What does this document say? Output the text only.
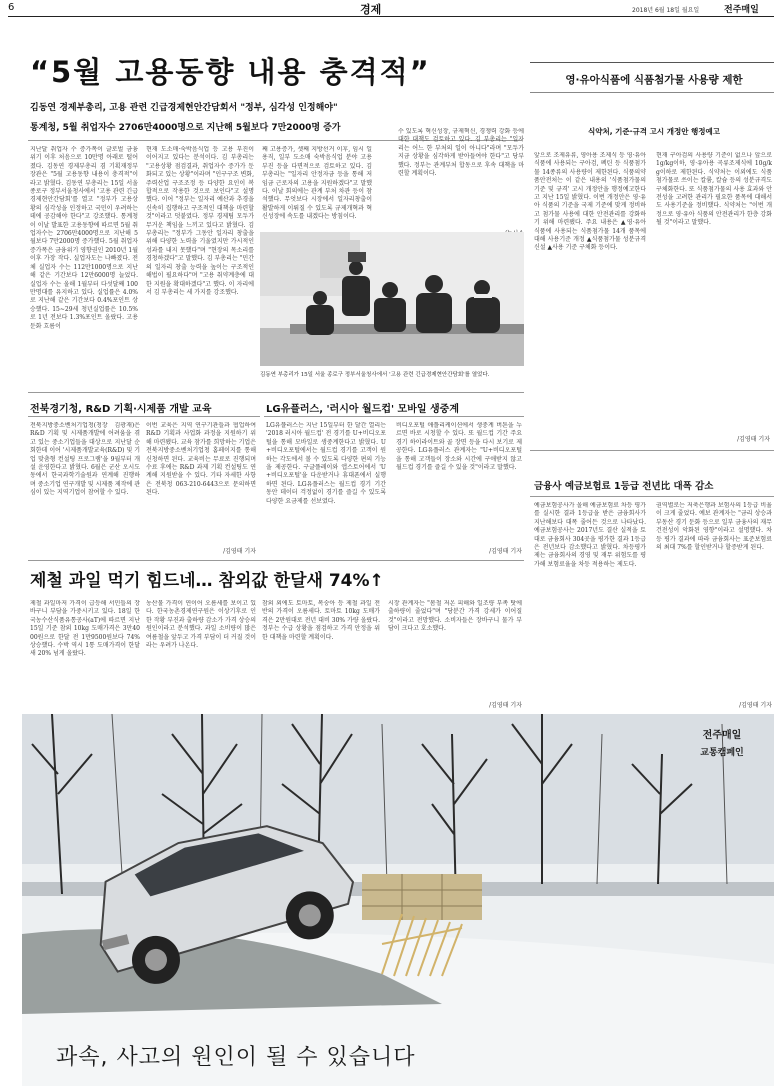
6	경제	2018년 6월 18일 월요일	전주매일
“5월 고용동향 내용 충격적”
김동연 경제부총리, 고용 관련 긴급경제현안간담회서 "정부, 심각성 인정해야"
통계청, 5월 취업자수 2706만4000명으로 지난해 5월보다 7만2000명 증가
지난달 취업자 수 증가폭이 글로벌 금융위기 이후 처음으로 10만명 아래로 떨어졌다. 김동연 경제부총리 겸 기획재정부 장관은 "5월 고용동향 내용이 충격적"이라고 밝혔다. 김동연 부총리는 15일 서울 종로구 정부서울청사에서 '고용 관련 긴급경제현안간담회'를 열고 "정부가 고용상황의 심각성을 인정하고 국민이 우려하는 데에 공감해야 한다"고 강조했다. 통계청이 이날 발표한 고용동향에 따르면 5월 취업자수는 2706만4000명으로 지난해 5월보다 7만2000명 증가했다. 5월 취업자 증가폭은 금융위기 영향권인 2010년 1월 이후 가장 작다. 실업자도는 나빠졌다. 전체 실업자 수는 112만1000명으로 지난해 같은 기간보다 12만6000명 늘었다. 실업자 수는 올해 1월부터 다섯달째 100만명대를 유지하고 있다. 실업률은 4.0%로 지난해 같은 기간보다 0.4%포인트 상승했다. 15~29세 청년실업률은 10.5%로 1년 전보다 1.3%포인트 올랐다. 고용 둔화 흐름이
현재 도소매·숙박음식업 등 고용 부진이 이어지고 있다는 분석이다. 김 부총리는 "고용상황 점검결과, 취업자수 증가가 둔화되고 있는 상황"이라며 "인구구조 변화, 주력산업 구조조정 등 다양한 요인이 복합적으로 작용한 것으로 보인다"고 설명했다. 이어 "정부는 일자리 예산과 추경을 신속히 집행하고 구조적인 대책을 마련할 것"이라고 덧붙였다. 정부 경제팀 모두가 무거운 책임을 느끼고 있다고 밝혔다. 김 부총리는 "정부가 그동안 일자리 창출을 위해 다양한 노력을 기울였지만 가시적인 성과를 내지 못했다"며 "현장의 목소리를 경청하겠다"고 말했다. 김 부총리는 "민간의 일자리 창출 능력을 높이는 구조적인 해법이 필요하다"며 "고용 취약계층에 대한 지원을 확대하겠다"고 했다. 이 자리에서 김 부총리는 세 가지를 강조했다.
째 고용증가, 셋째 지방선거 이후, 임시 일용직, 일부 도소매 숙박음식업 분야 고용 부진 등을 다면적으로 검토하고 있다. 김 부총리는 "일자리 안정자금 등을 통해 저임금 근로자의 고용을 지원하겠다"고 말했다. 이날 회의에는 관계 부처 차관 등이 참석했다. 무엇보다 시장에서 일자리창출이 활발하게 이뤄질 수 있도록 규제개혁과 혁신성장에 속도를 내겠다는 방침이다.
수 있도록 혁신성장, 규제혁신, 경쟁력 강화 등에 대한 대책도 검토하고 있다. 김 부총리는 "일자리는 어느 한 부처의 일이 아니다"라며 "모두가 지금 상황을 심각하게 받아들여야 한다"고 당부했다. 정부는 관계부처 합동으로 후속 대책을 마련할 계획이다.
김동연 부총리가 15일 서울 종로구 정부서울청사에서 '고용 관련 긴급경제현안간담회'를 열었다.
영·유아식품에 식품첨가물 사용량 제한
식약처, 기준·규격 고시 개정안 행정예고
앞으로 조제유류, 영아용 조제식 등 영·유아 식품에 사용되는 구아검, 펙틴 등 식품첨가물 14종류의 사용량이 제한된다. 식품의약품안전처는 이 같은 내용의 '식품첨가물의 기준 및 규격' 고시 개정안을 행정예고한다고 지난 15일 밝혔다. 이번 개정안은 영·유아 식품의 기준을 국제 기준에 맞게 정비하고 첨가물 사용에 대한 안전관리를 강화하기 위해 마련됐다. 주요 내용은 ▲영·유아 식품에 사용되는 식품첨가물 14개 품목에 대해 사용기준 개정 ▲식품첨가물 성분규격 신설 ▲사용 기준 구체화 등이다.
현재 구아검의 사용량 기준이 없으나 앞으로 1g/kg이하, 영·유아용 곡류조제식에 10g/kg이하로 제한된다. 식약처는 이외에도 식품첨가물로 쓰이는 칼륨, 칼슘 등의 성분규격도 구체화한다. 또 식품첨가물의 사용 효과와 안전성을 고려한 관리가 필요한 품목에 대해서도 사용기준을 정비했다. 식약처는 "이번 개정으로 영·유아 식품의 안전관리가 한층 강화될 것"이라고 말했다.
/김영태 기자
전북경기청, R&D 기획·시제품 개발 교육
전북지방중소벤처기업청(청장 김광재)은 R&D 기획 및 시제품개발에 어려움을 겪고 있는 중소기업들을 대상으로 지난달 순회한데 이어 '시제품개발교육(R&D) 및 기업 맞춤형 컨설팅 프로그램'을 9월부터 개설 운영한다고 밝혔다. 6월은 군산 오시도동에서 한국과학기술원과 연계해 진행하며 중소기업 연구개발 및 시제품 제작에 관심이 있는 지역기업이 참여할 수 있다.
이번 교육은 지역 연구기관들과 협업하여 R&D 기획과 사업화 과정을 지원하기 위해 마련됐다. 교육 참가를 희망하는 기업은 전북지방중소벤처기업청 홈페이지를 통해 신청하면 된다. 교육비는 무료로 진행되며 수료 후에는 R&D 과제 기획 컨설팅도 연계해 지원받을 수 있다. 기타 자세한 사항은 전북청 063-210-6443으로 문의하면 된다.
/김영태 기자
LG유플러스, '러시아 월드컵' 모바일 생중계
LG유플러스는 지난 15일부터 한 달간 열리는 '2018 러시아 월드컵' 전 경기를 U+비디오포털을 통해 모바일로 생중계한다고 밝혔다. U+비디오포털에서는 월드컵 경기를 고객이 원하는 각도에서 볼 수 있도록 다양한 편의 기능을 제공한다. 구글플레이와 앱스토어에서 'U+비디오포털'을 다운받거나 휴대폰에서 실행하면 된다. LG유플러스는 월드컵 경기 기간 동안 데이터 걱정없이 경기를 즐길 수 있도록 다양한 요금제를 선보였다.
비디오포털 애플리케이션에서 생중계 버튼을 누르면 바로 시청할 수 있다. 또 월드컵 기간 주요 경기 하이라이트와 골 장면 등을 다시 보기로 제공한다. LG유플러스 관계자는 "U+비디오포털을 통해 고객들이 장소와 시간에 구애받지 않고 월드컵 경기를 즐길 수 있을 것"이라고 말했다.
/김영태 기자
제철 과일 먹기 힘드네… 참외값 한달새 74%↑
제철 과일마저 가격이 급등해 서민들의 장바구니 부담을 가중시키고 있다. 18일 한국농수산식품유통공사(aT)에 따르면 지난 15일 기준 참외 10kg 도매가격은 3만4000원으로 한달 전 1만9500원보다 74% 상승했다. 수박 역시 1통 도매가격이 한달새 20% 넘게 올랐다.
농산물 가격이 연이어 오름세를 보이고 있다. 한국농촌경제연구원은 이상기후로 인한 작황 부진과 출하량 감소가 가격 상승의 원인이라고 분석했다. 과일 소비량이 많은 여름철을 앞두고 가격 부담이 더 커질 것이라는 우려가 나온다.
참외 외에도 토마토, 복숭아 등 제철 과일 전반의 가격이 오름세다. 토마토 10kg 도매가격은 2만원대로 전년 대비 30% 가량 올랐다. 정부는 수급 상황을 점검하고 가격 안정을 위한 대책을 마련할 계획이다.
시장 관계자는 "봄철 저온 피해와 일조량 부족 탓에 출하량이 줄었다"며 "당분간 가격 강세가 이어질 것"이라고 전망했다. 소비자들은 장바구니 물가 부담이 크다고 호소했다.
/김영태 기자
금융사 예금보험료 1등급 전년比 대폭 감소
예금보험공사가 올해 예금보험료 차등 평가를 실시한 결과 1등급을 받은 금융회사가 지난해보다 대폭 줄어든 것으로 나타났다. 예금보험공사는 2017년도 결산 실적을 토대로 금융회사 304곳을 평가한 결과 1등급은 전년보다 감소했다고 밝혔다. 차등평가제는 금융회사의 경영 및 재무 위험도를 평가해 보험료율을 차등 적용하는 제도다.
권역별로는 저축은행과 보험사의 1등급 비율이 크게 줄었다. 예보 관계자는 "금리 상승과 부동산 경기 둔화 등으로 일부 금융사의 재무건전성이 악화된 영향"이라고 설명했다. 차등 평가 결과에 따라 금융회사는 표준보험료의 최대 7%를 할인받거나 할증받게 된다.
/김영태 기자
전주매일
교통캠페인
과속, 사고의 원인이 될 수 있습니다
